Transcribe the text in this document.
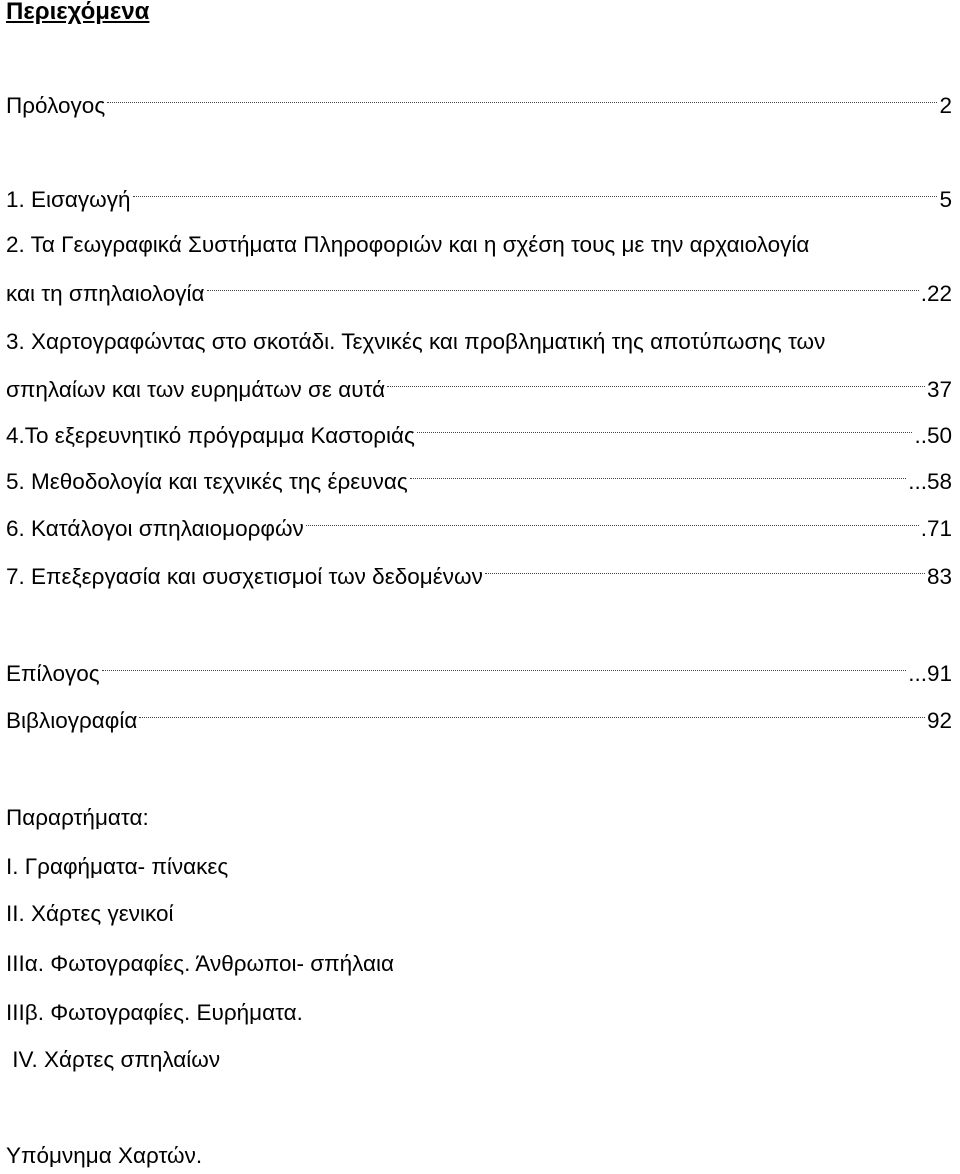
Περιεχόμενα
Πρόλογος	2
1. Εισαγωγή	5
2. Τα Γεωγραφικά Συστήματα Πληροφοριών και η σχέση τους με την αρχαιολογία
και τη σπηλαιολογία	.22
3. Χαρτογραφώντας στο σκοτάδι. Τεχνικές και προβληματική της αποτύπωσης των
σπηλαίων και των ευρημάτων σε αυτά	37
4.Το εξερευνητικό πρόγραμμα Καστοριάς	..50
5. Μεθοδολογία και τεχνικές της έρευνας	...58
6. Κατάλογοι σπηλαιομορφών	.71
7. Επεξεργασία και συσχετισμοί των δεδομένων	83
Επίλογος	...91
Βιβλιογραφία	92
Παραρτήματα:
Ι. Γραφήματα- πίνακες
ΙΙ. Χάρτες γενικοί
ΙΙΙα. Φωτογραφίες. Άνθρωποι- σπήλαια
ΙΙΙβ. Φωτογραφίες. Ευρήματα.
ΙV. Χάρτες σπηλαίων
Υπόμνημα Χαρτών.
